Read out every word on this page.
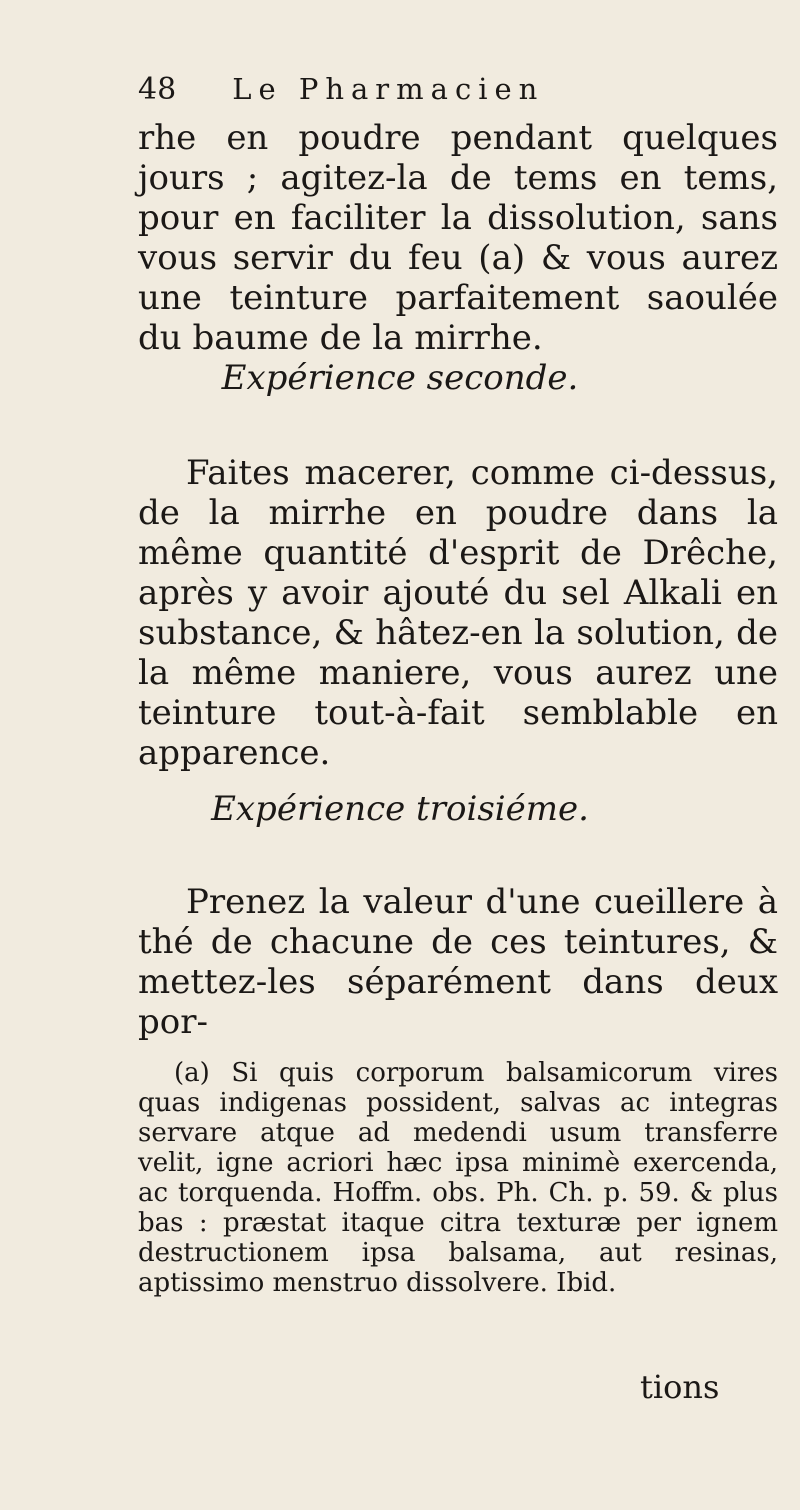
48 Le Pharmacien

rhe en poudre pendant quelques jours ; agitez-la de tems en tems, pour en faciliter la dissolution, sans vous servir du feu (a) & vous aurez une teinture parfaitement saoulée du baume de la mirrhe.

Expérience seconde.

Faites macerer, comme ci-dessus, de la mirrhe en poudre dans la même quantité d'esprit de Drêche, après y avoir ajouté du sel Alkali en substance, & hâtez-en la solution, de la même maniere, vous aurez une teinture tout-à-fait semblable en apparence.

Expérience troisiéme.

Prenez la valeur d'une cueillere à thé de chacune de ces teintures, & mettez-les séparément dans deux por-

(a) Si quis corporum balsamicorum vires quas indigenas possident, salvas ac integras servare atque ad medendi usum transferre velit, igne acriori hæc ipsa minimè exercenda, ac torquenda. Hoffm. obs. Ph. Ch. p. 59. & plus bas : præstat itaque citra texturæ per ignem destructionem ipsa balsama, aut resinas, aptissimo menstruo dissolvere. Ibid.

tions
